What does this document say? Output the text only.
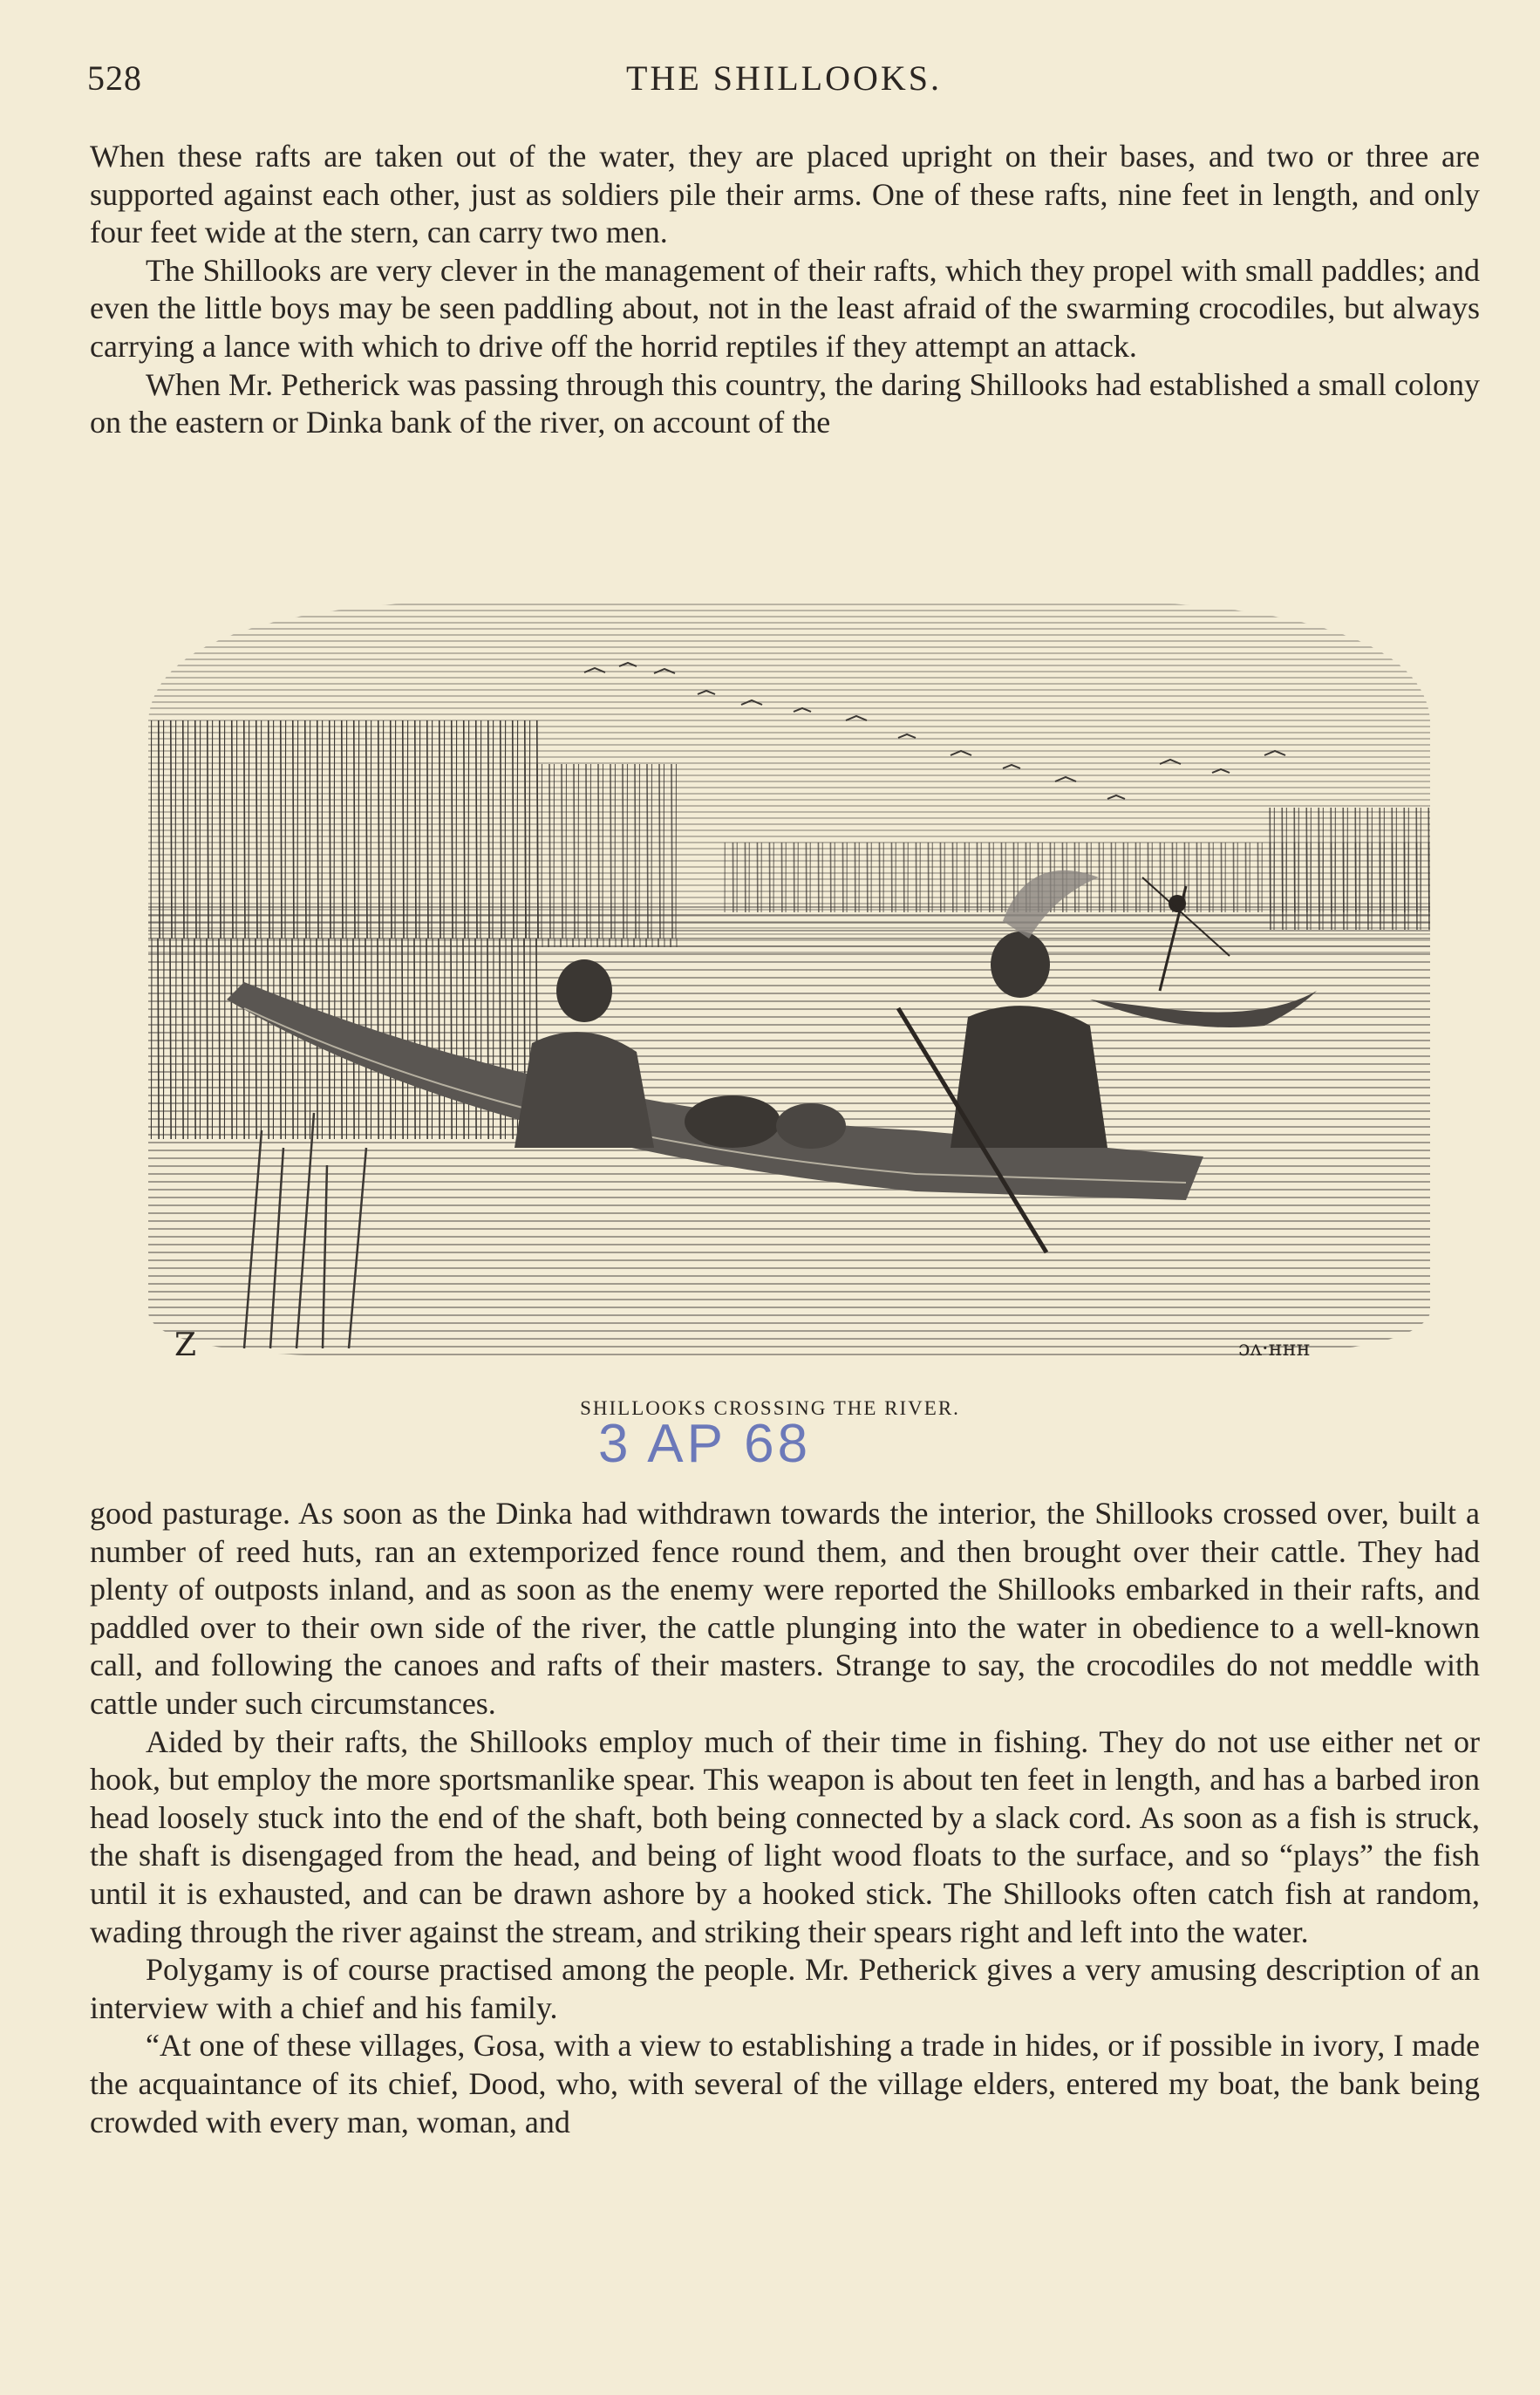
528	THE SHILLOOKS.

When these rafts are taken out of the water, they are placed upright on their bases, and two or three are supported against each other, just as soldiers pile their arms. One of these rafts, nine feet in length, and only four feet wide at the stern, can carry two men.

The Shillooks are very clever in the management of their rafts, which they propel with small paddles; and even the little boys may be seen paddling about, not in the least afraid of the swarming crocodiles, but always carrying a lance with which to drive off the horrid reptiles if they attempt an attack.

When Mr. Petherick was passing through this country, the daring Shillooks had established a small colony on the eastern or Dinka bank of the river, on account of the

Z	ɔʌ·ʜʜʜ
SHILLOOKS CROSSING THE RIVER.
3 AP 68

good pasturage. As soon as the Dinka had withdrawn towards the interior, the Shillooks crossed over, built a number of reed huts, ran an extemporized fence round them, and then brought over their cattle. They had plenty of outposts inland, and as soon as the enemy were reported the Shillooks embarked in their rafts, and paddled over to their own side of the river, the cattle plunging into the water in obedience to a well-known call, and following the canoes and rafts of their masters. Strange to say, the crocodiles do not meddle with cattle under such circumstances.

Aided by their rafts, the Shillooks employ much of their time in fishing. They do not use either net or hook, but employ the more sportsmanlike spear. This weapon is about ten feet in length, and has a barbed iron head loosely stuck into the end of the shaft, both being connected by a slack cord. As soon as a fish is struck, the shaft is disengaged from the head, and being of light wood floats to the surface, and so “plays” the fish until it is exhausted, and can be drawn ashore by a hooked stick. The Shillooks often catch fish at random, wading through the river against the stream, and striking their spears right and left into the water.

Polygamy is of course practised among the people. Mr. Petherick gives a very amusing description of an interview with a chief and his family.

“At one of these villages, Gosa, with a view to establishing a trade in hides, or if possible in ivory, I made the acquaintance of its chief, Dood, who, with several of the village elders, entered my boat, the bank being crowded with every man, woman, and
